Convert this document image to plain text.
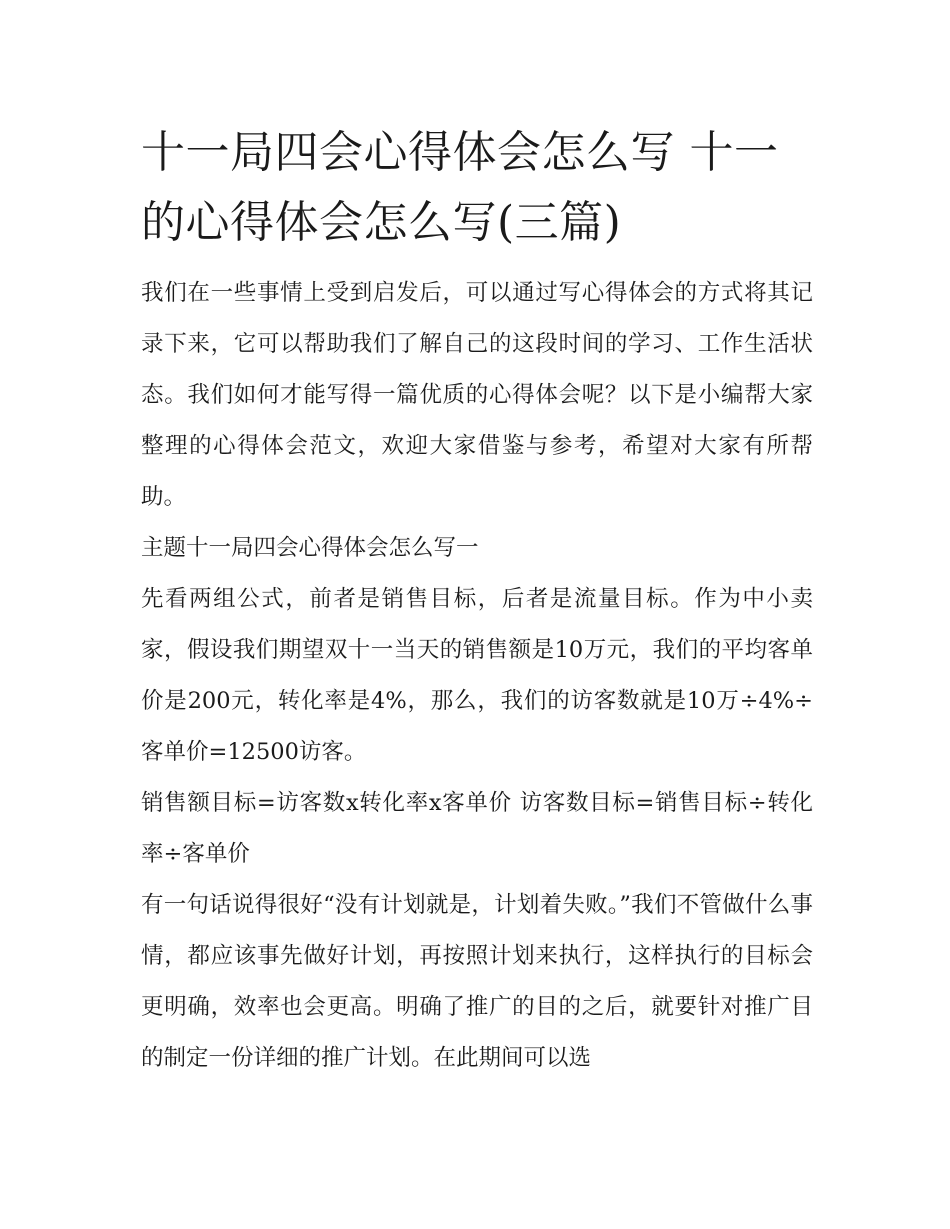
十一局四会心得体会怎么写 十一的心得体会怎么写(三篇)

我们在一些事情上受到启发后，可以通过写心得体会的方式将其记录下来，它可以帮助我们了解自己的这段时间的学习、工作生活状态。我们如何才能写得一篇优质的心得体会呢？以下是小编帮大家整理的心得体会范文，欢迎大家借鉴与参考，希望对大家有所帮助。

主题十一局四会心得体会怎么写一

先看两组公式，前者是销售目标，后者是流量目标。作为中小卖家，假设我们期望双十一当天的销售额是10万元，我们的平均客单价是200元，转化率是4%，那么，我们的访客数就是10万÷4%÷客单价=12500访客。

销售额目标=访客数x转化率x客单价 访客数目标=销售目标÷转化率÷客单价

有一句话说得很好“没有计划就是，计划着失败。”我们不管做什么事情，都应该事先做好计划，再按照计划来执行，这样执行的目标会更明确，效率也会更高。明确了推广的目的之后，就要针对推广目的制定一份详细的推广计划。在此期间可以选
